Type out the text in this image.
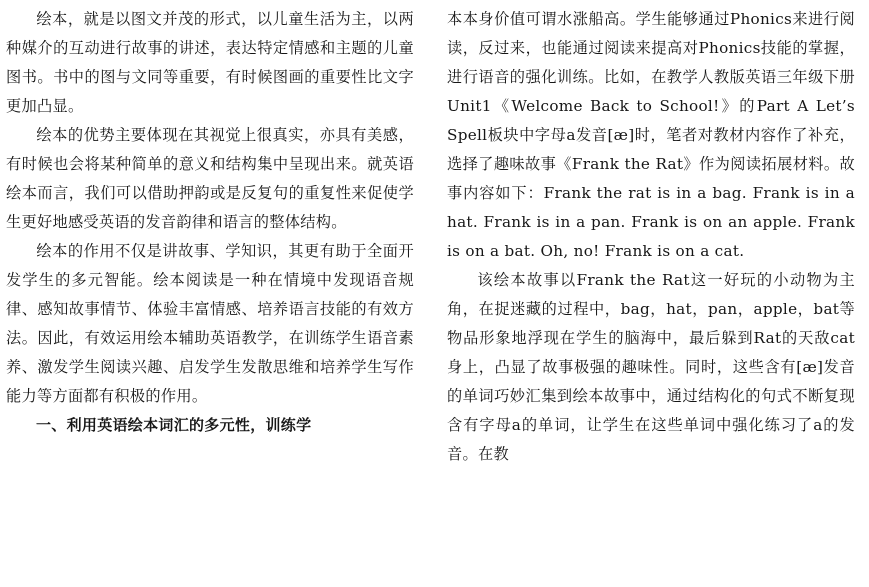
绘本，就是以图文并茂的形式，以儿童生活为主，以两种媒介的互动进行故事的讲述，表达特定情感和主题的儿童图书。书中的图与文同等重要，有时候图画的重要性比文字更加凸显。

绘本的优势主要体现在其视觉上很真实，亦具有美感，有时候也会将某种简单的意义和结构集中呈现出来。就英语绘本而言，我们可以借助押韵或是反复句的重复性来促使学生更好地感受英语的发音韵律和语言的整体结构。

绘本的作用不仅是讲故事、学知识，其更有助于全面开发学生的多元智能。绘本阅读是一种在情境中发现语音规律、感知故事情节、体验丰富情感、培养语言技能的有效方法。因此，有效运用绘本辅助英语教学，在训练学生语音素养、激发学生阅读兴趣、启发学生发散思维和培养学生写作能力等方面都有积极的作用。

一、利用英语绘本词汇的多元性，训练学

本本身价值可谓水涨船高。学生能够通过Phonics来进行阅读，反过来，也能通过阅读来提高对Phonics技能的掌握，进行语音的强化训练。比如，在教学人教版英语三年级下册Unit1《Welcome Back to School!》的Part A Let’s Spell板块中字母a发音[æ]时，笔者对教材内容作了补充，选择了趣味故事《Frank the Rat》作为阅读拓展材料。故事内容如下：Frank the rat is in a bag. Frank is in a hat. Frank is in a pan. Frank is on an apple. Frank is on a bat. Oh, no! Frank is on a cat.

该绘本故事以Frank the Rat这一好玩的小动物为主角，在捉迷藏的过程中，bag，hat，pan，apple，bat等物品形象地浮现在学生的脑海中，最后躲到Rat的天敌cat身上，凸显了故事极强的趣味性。同时，这些含有[æ]发音的单词巧妙汇集到绘本故事中，通过结构化的句式不断复现含有字母a的单词，让学生在这些单词中强化练习了a的发音。在教
